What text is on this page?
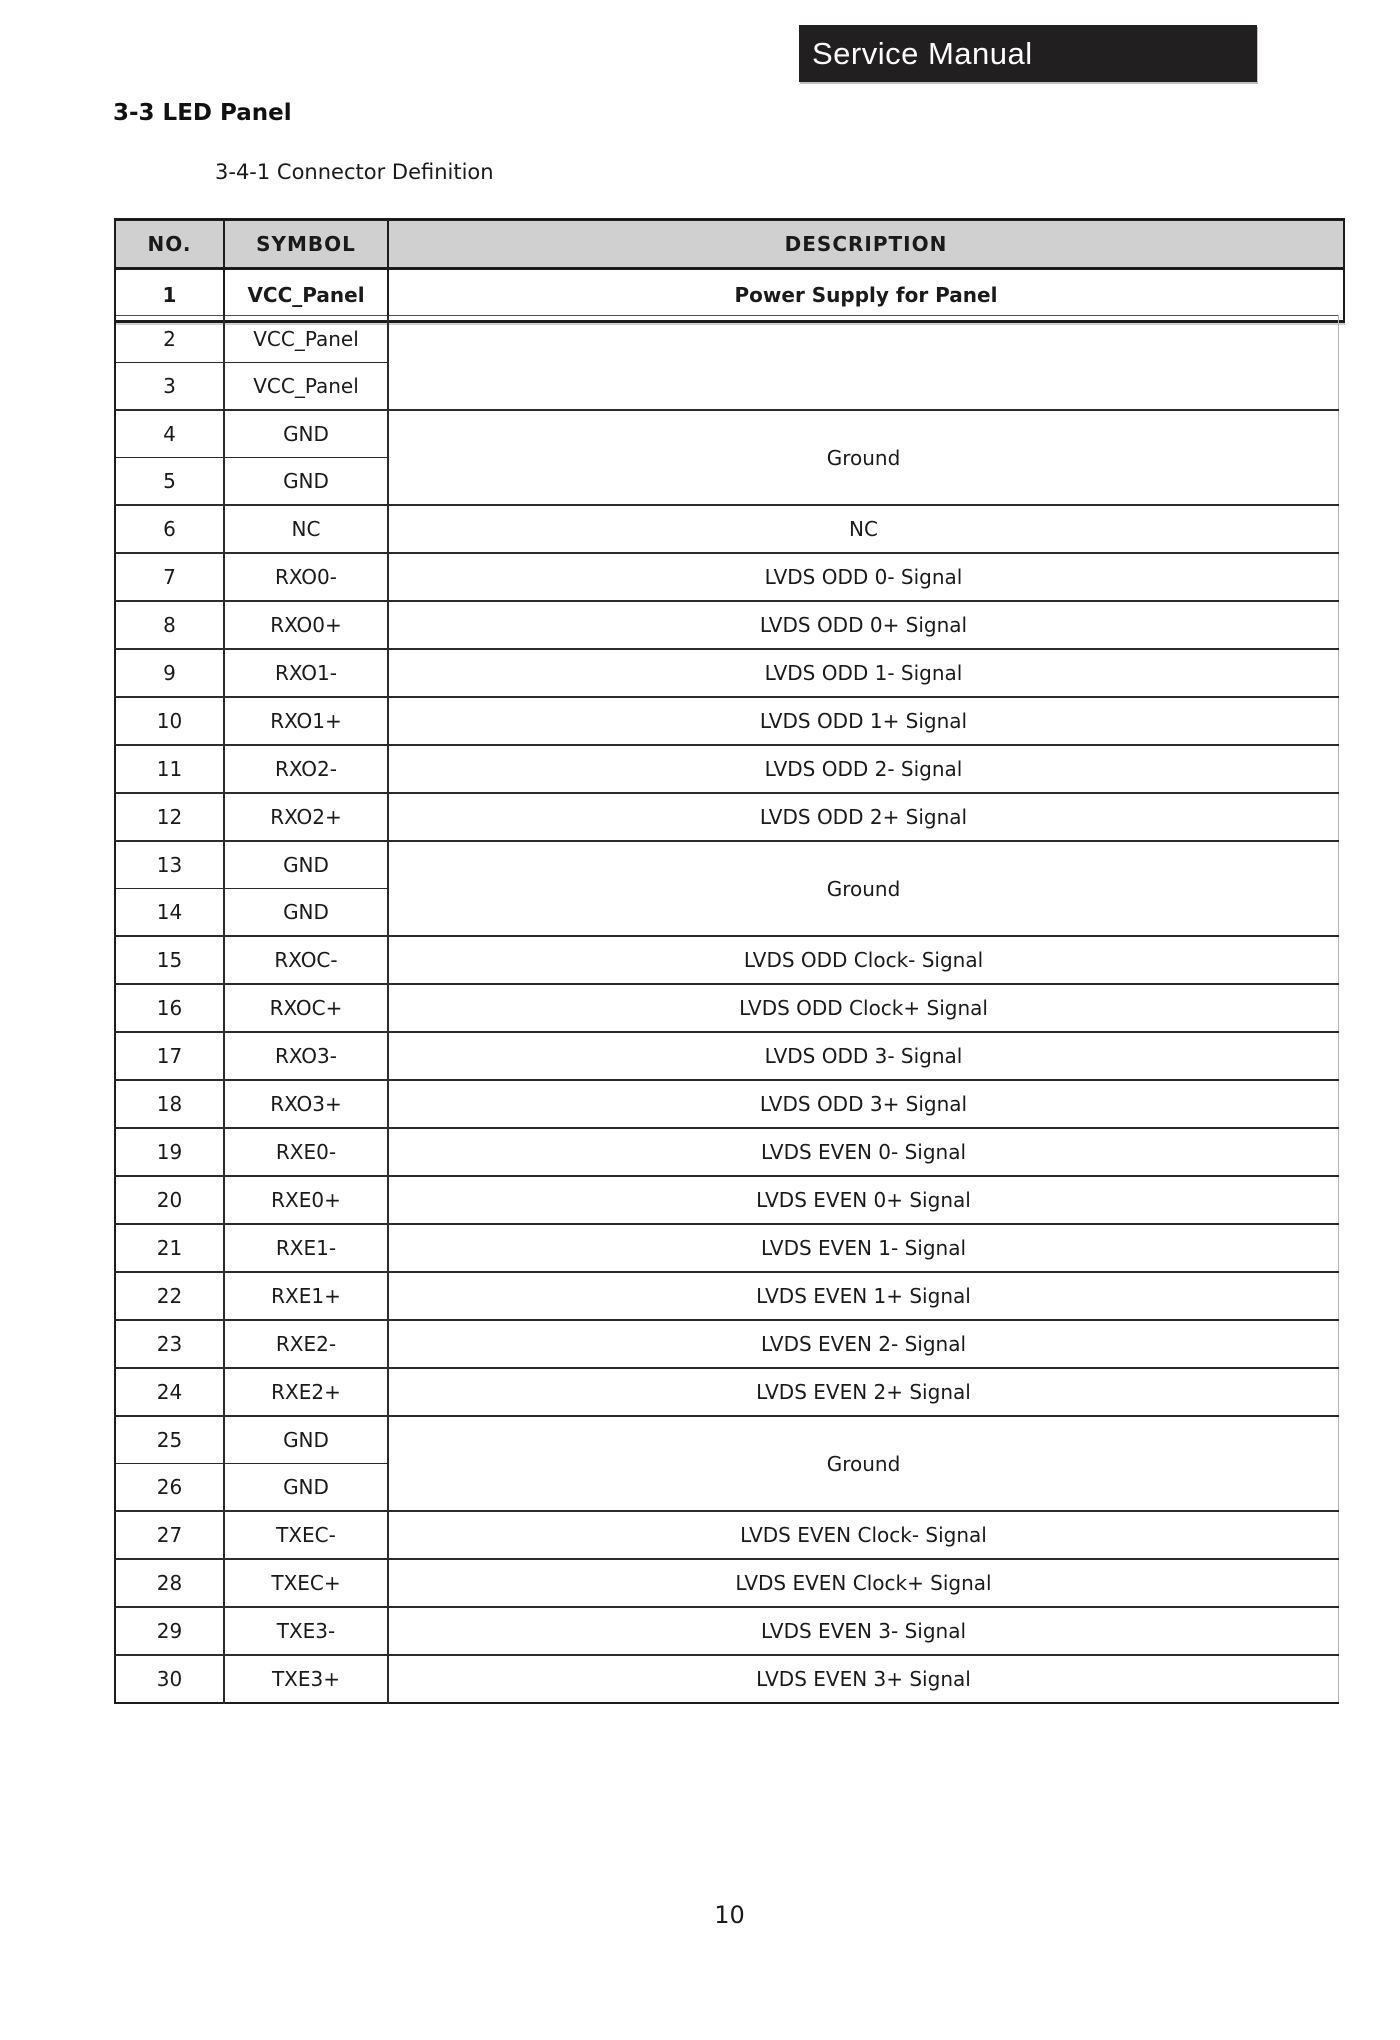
Service Manual
3-3 LED Panel
3-4-1 Connector Definition
NO.	SYMBOL	DESCRIPTION
1	VCC_Panel	Power Supply for Panel
2	VCC_Panel	
3	VCC_Panel	
4	GND	Ground
5	GND	
6	NC	NC
7	RXO0-	LVDS ODD 0- Signal
8	RXO0+	LVDS ODD 0+ Signal
9	RXO1-	LVDS ODD 1- Signal
10	RXO1+	LVDS ODD 1+ Signal
11	RXO2-	LVDS ODD 2- Signal
12	RXO2+	LVDS ODD 2+ Signal
13	GND	Ground
14	GND	
15	RXOC-	LVDS ODD Clock- Signal
16	RXOC+	LVDS ODD Clock+ Signal
17	RXO3-	LVDS ODD 3- Signal
18	RXO3+	LVDS ODD 3+ Signal
19	RXE0-	LVDS EVEN 0- Signal
20	RXE0+	LVDS EVEN 0+ Signal
21	RXE1-	LVDS EVEN 1- Signal
22	RXE1+	LVDS EVEN 1+ Signal
23	RXE2-	LVDS EVEN 2- Signal
24	RXE2+	LVDS EVEN 2+ Signal
25	GND	Ground
26	GND	
27	TXEC-	LVDS EVEN Clock- Signal
28	TXEC+	LVDS EVEN Clock+ Signal
29	TXE3-	LVDS EVEN 3- Signal
30	TXE3+	LVDS EVEN 3+ Signal
10
